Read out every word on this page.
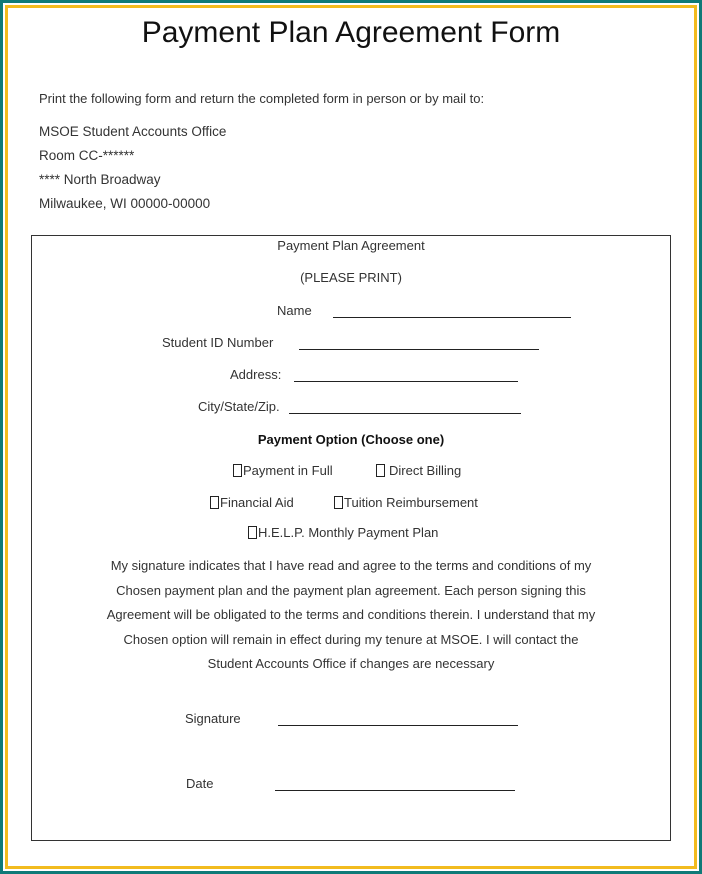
Payment Plan Agreement Form
Print the following form and return the completed form in person or by mail to:
MSOE Student Accounts Office
Room CC-******
**** North Broadway
Milwaukee, WI 00000-00000
Payment Plan Agreement
(PLEASE PRINT)
Name
Student ID Number
Address:
City/State/Zip.
Payment Option (Choose one)
Payment in Full	Direct Billing
Financial Aid	Tuition Reimbursement
H.E.L.P. Monthly Payment Plan
My signature indicates that I have read and agree to the terms and conditions of my
Chosen payment plan and the payment plan agreement. Each person signing this
Agreement will be obligated to the terms and conditions therein. I understand that my
Chosen option will remain in effect during my tenure at MSOE. I will contact the
Student Accounts Office if changes are necessary
Signature
Date
